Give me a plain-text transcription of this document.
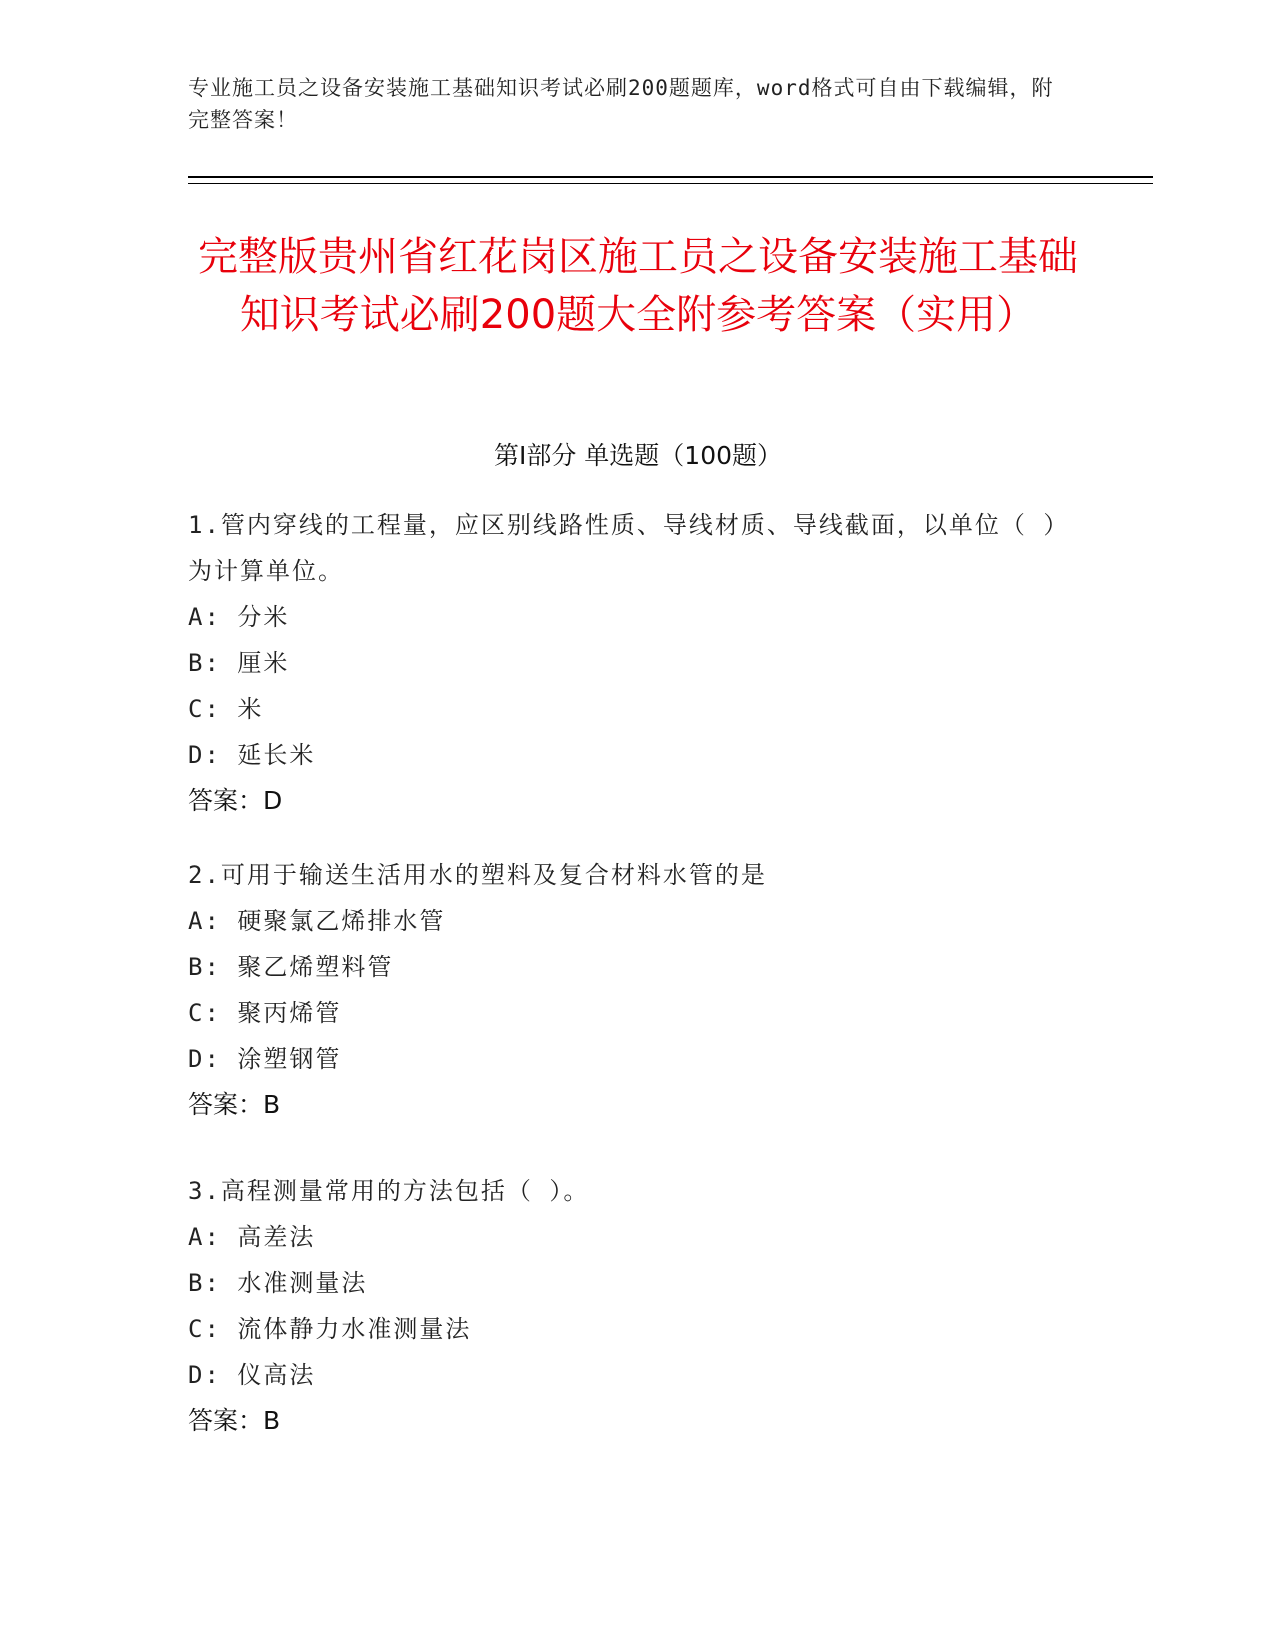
专业施工员之设备安装施工基础知识考试必刷200题题库，word格式可自由下载编辑，附完整答案！
完整版贵州省红花岗区施工员之设备安装施工基础知识考试必刷200题大全附参考答案（实用）
第Ⅰ部分 单选题（100题）

1.管内穿线的工程量，应区别线路性质、导线材质、导线截面，以单位（ ）为计算单位。

A: 分米

B: 厘米

C: 米

D: 延长米

答案：D

2.可用于输送生活用水的塑料及复合材料水管的是

A: 硬聚氯乙烯排水管

B: 聚乙烯塑料管

C: 聚丙烯管

D: 涂塑钢管

答案：B

3.高程测量常用的方法包括（ ）。

A: 高差法

B: 水准测量法

C: 流体静力水准测量法

D: 仪高法

答案：B
